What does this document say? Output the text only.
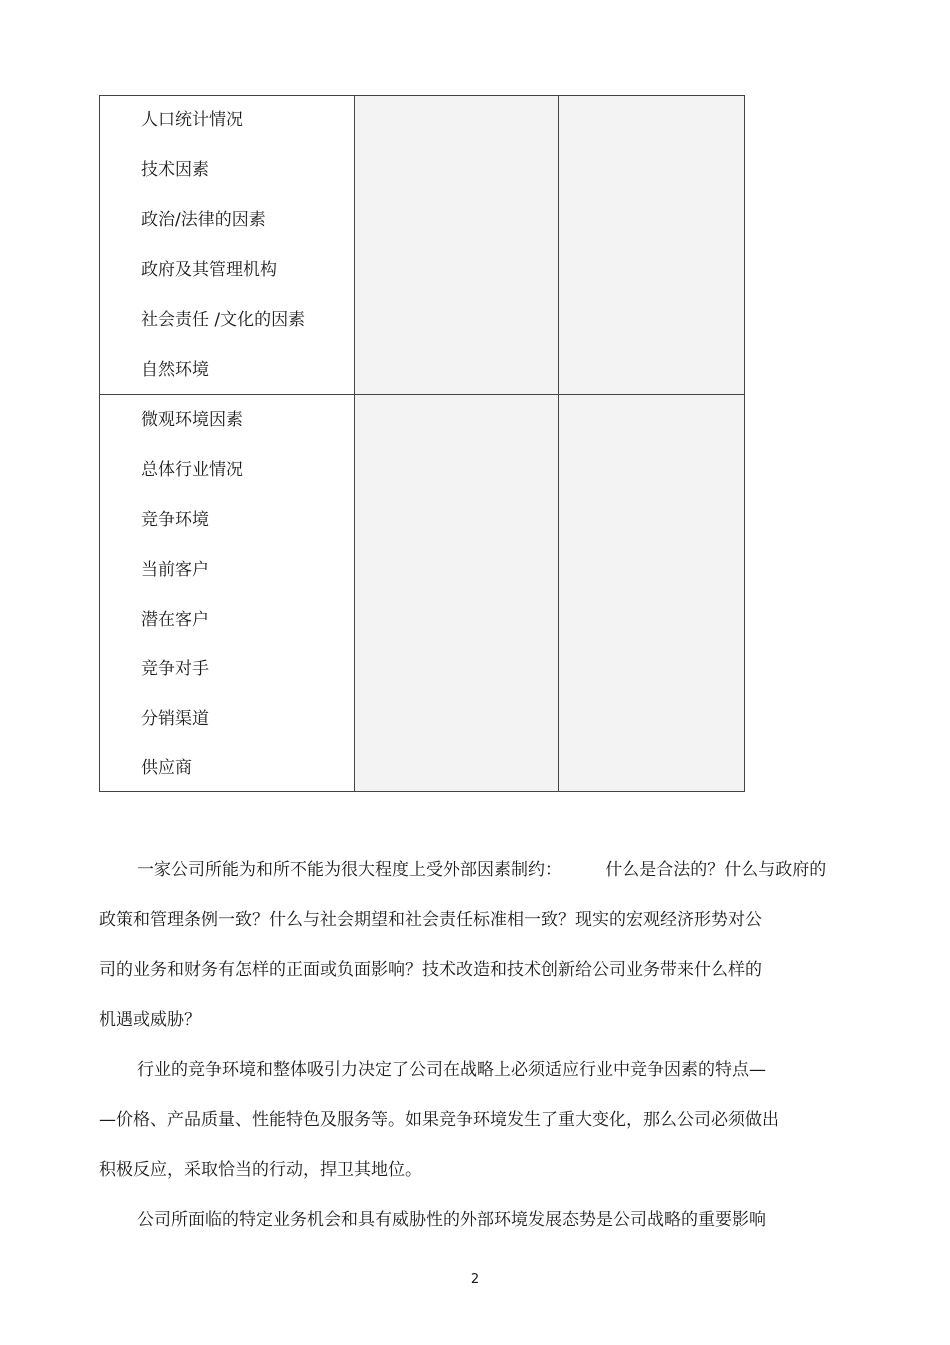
人口统计情况
技术因素
政治/法律的因素
政府及其管理机构
社会责任 /文化的因素
自然环境
微观环境因素
总体行业情况
竞争环境
当前客户
潜在客户
竞争对手
分销渠道
供应商
一家公司所能为和所不能为很大程度上受外部因素制约：        什么是合法的？什么与政府的
政策和管理条例一致？什么与社会期望和社会责任标准相一致？现实的宏观经济形势对公
司的业务和财务有怎样的正面或负面影响？技术改造和技术创新给公司业务带来什么样的
机遇或威胁？
行业的竞争环境和整体吸引力决定了公司在战略上必须适应行业中竞争因素的特点—
—价格、产品质量、性能特色及服务等。如果竞争环境发生了重大变化，那么公司必须做出
积极反应，采取恰当的行动，捍卫其地位。
公司所面临的特定业务机会和具有威胁性的外部环境发展态势是公司战略的重要影响
2
